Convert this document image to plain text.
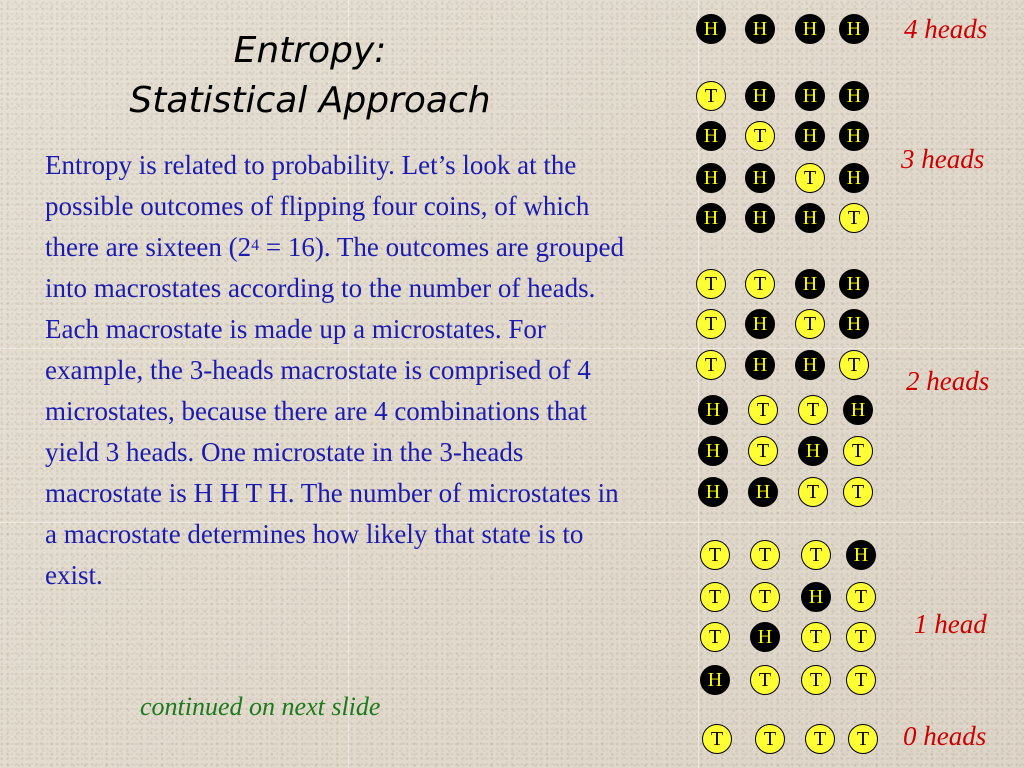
Entropy:
Statistical Approach
Entropy is related to probability. Let’s look at the possible outcomes of flipping four coins, of which there are sixteen $(2^4 = 16)$. The outcomes are grouped into macrostates according to the number of heads. Each macrostate is made up a microstates. For example, the 3-heads macrostate is comprised of 4 microstates, because there are 4 combinations that yield 3 heads. One microstate in the 3-heads macrostate is H H T H. The number of microstates in a macrostate determines how likely that state is to exist.
continued on next slide
H	H	H	H
T	H	H	H
H	T	H	H
H	H	T	H
H	H	H	T
T	T	H	H
T	H	T	H
T	H	H	T
H	T	T	H
H	T	H	T
H	H	T	T
T	T	T	H
T	T	H	T
T	H	T	T
H	T	T	T
T	T	T	T
4 heads
3 heads
2 heads
1 head
0 heads
